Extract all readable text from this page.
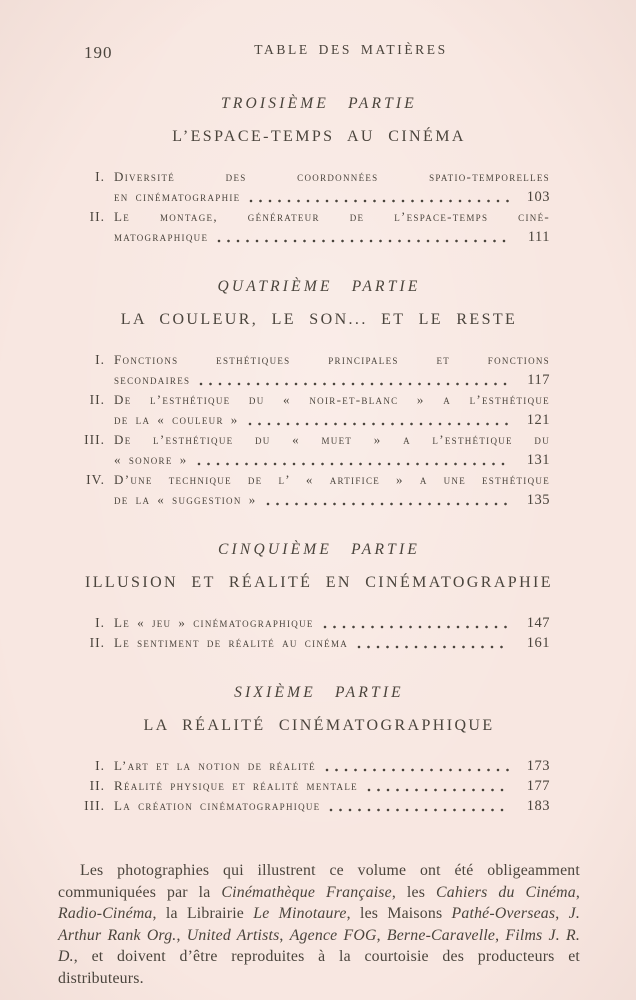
190	TABLE DES MATIÈRES
TROISIÈME PARTIE
L’ESPACE-TEMPS AU CINÉMA
I. Diversité des coordonnées spatio-temporelles
en cinématographie	103
II. Le montage, générateur de l’espace-temps ciné-
matographique	111
QUATRIÈME PARTIE
LA COULEUR, LE SON... ET LE RESTE
I. Fonctions esthétiques principales et fonctions
secondaires	117
II. De l’esthétique du « noir-et-blanc » a l’esthétique
de la « couleur »	121
III. De l’esthétique du « muet » a l’esthétique du
« sonore »	131
IV. D’une technique de l’ « artifice » a une esthétique
de la « suggestion »	135
CINQUIÈME PARTIE
ILLUSION ET RÉALITÉ EN CINÉMATOGRAPHIE
I. Le « jeu » cinématographique	147
II. Le sentiment de réalité au cinéma	161
SIXIÈME PARTIE
LA RÉALITÉ CINÉMATOGRAPHIQUE
I. L’art et la notion de réalité	173
II. Réalité physique et réalité mentale	177
III. La création cinématographique	183

Les photographies qui illustrent ce volume ont été obligeamment communiquées par la Cinémathèque Française, les Cahiers du Cinéma, Radio-Cinéma, la Librairie Le Minotaure, les Maisons Pathé-Overseas, J. Arthur Rank Org., United Artists, Agence FOG, Berne-Caravelle, Films J. R. D., et doivent d’être reproduites à la courtoisie des producteurs et distributeurs.
